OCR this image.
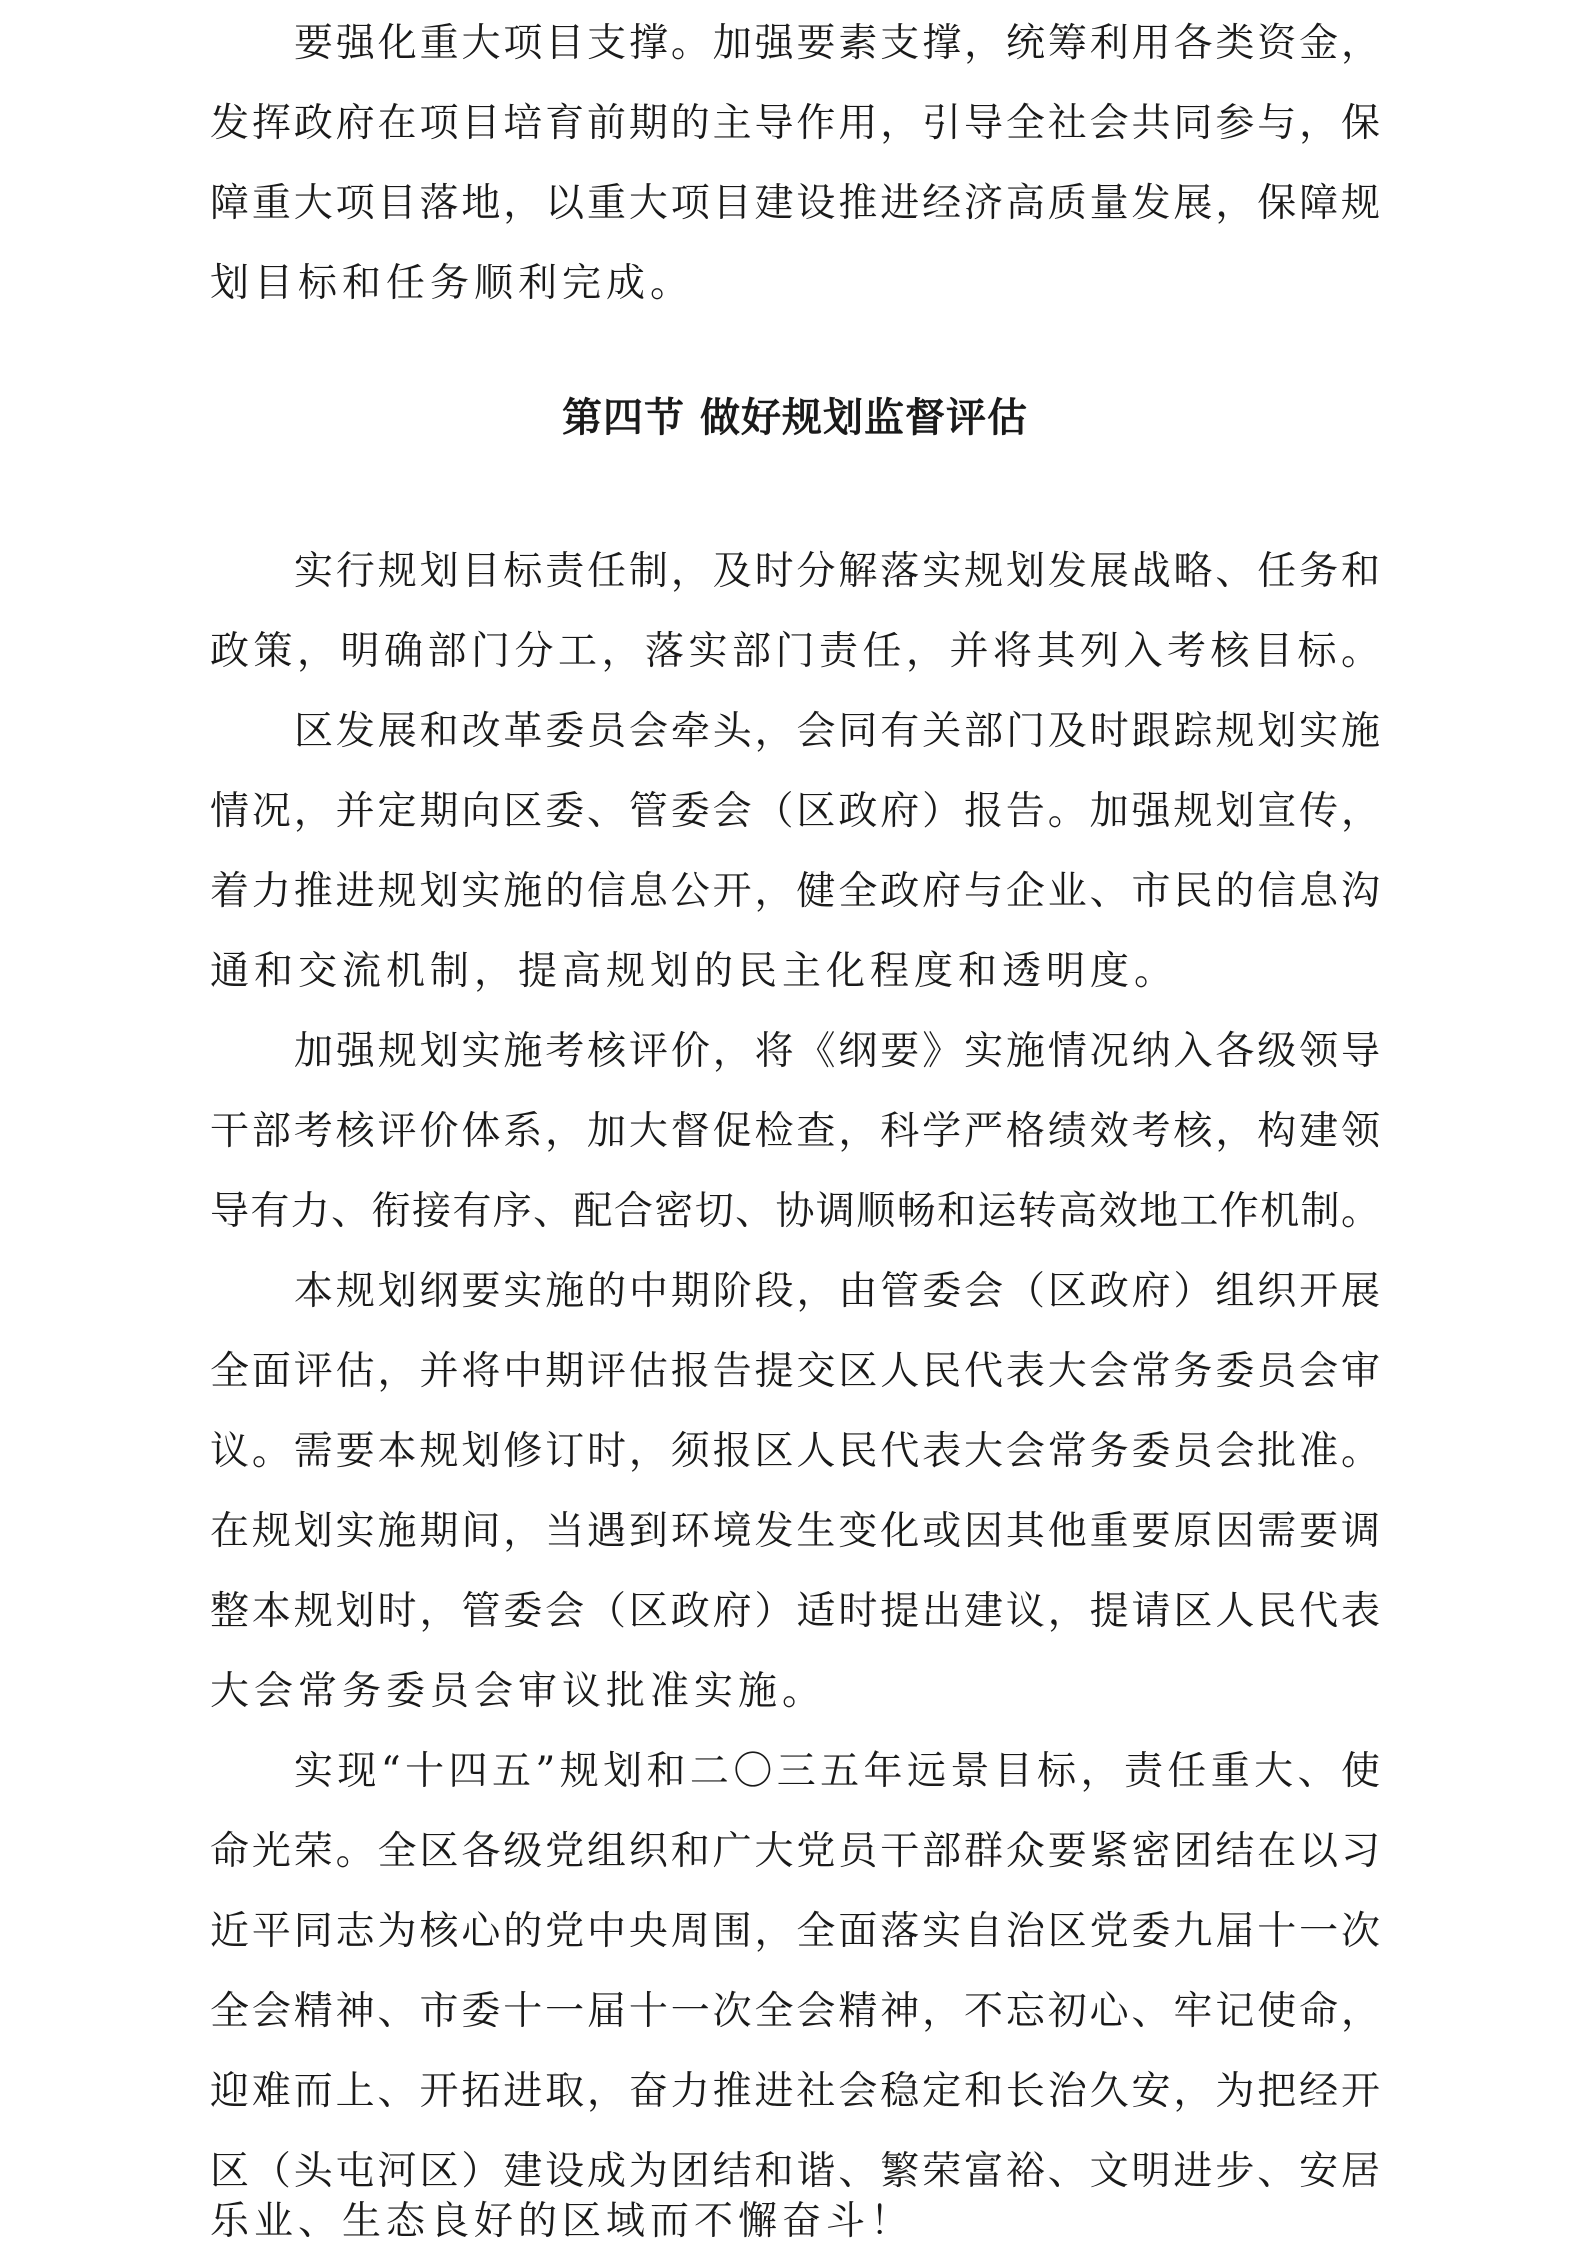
要强化重大项目支撑。加强要素支撑，统筹利用各类资金，
发挥政府在项目培育前期的主导作用，引导全社会共同参与，保
障重大项目落地，以重大项目建设推进经济高质量发展，保障规
划目标和任务顺利完成。
第四节 做好规划监督评估
实行规划目标责任制，及时分解落实规划发展战略、任务和
政策，明确部门分工，落实部门责任，并将其列入考核目标。
区发展和改革委员会牵头，会同有关部门及时跟踪规划实施
情况，并定期向区委、管委会（区政府）报告。加强规划宣传，
着力推进规划实施的信息公开，健全政府与企业、市民的信息沟
通和交流机制，提高规划的民主化程度和透明度。
加强规划实施考核评价，将《纲要》实施情况纳入各级领导
干部考核评价体系，加大督促检查，科学严格绩效考核，构建领
导有力、衔接有序、配合密切、协调顺畅和运转高效地工作机制。
本规划纲要实施的中期阶段，由管委会（区政府）组织开展
全面评估，并将中期评估报告提交区人民代表大会常务委员会审
议。需要本规划修订时，须报区人民代表大会常务委员会批准。
在规划实施期间，当遇到环境发生变化或因其他重要原因需要调
整本规划时，管委会（区政府）适时提出建议，提请区人民代表
大会常务委员会审议批准实施。
实现“十四五”规划和二〇三五年远景目标，责任重大、使
命光荣。全区各级党组织和广大党员干部群众要紧密团结在以习
近平同志为核心的党中央周围，全面落实自治区党委九届十一次
全会精神、市委十一届十一次全会精神，不忘初心、牢记使命，
迎难而上、开拓进取，奋力推进社会稳定和长治久安，为把经开
区（头屯河区）建设成为团结和谐、繁荣富裕、文明进步、安居
乐业、生态良好的区域而不懈奋斗！
